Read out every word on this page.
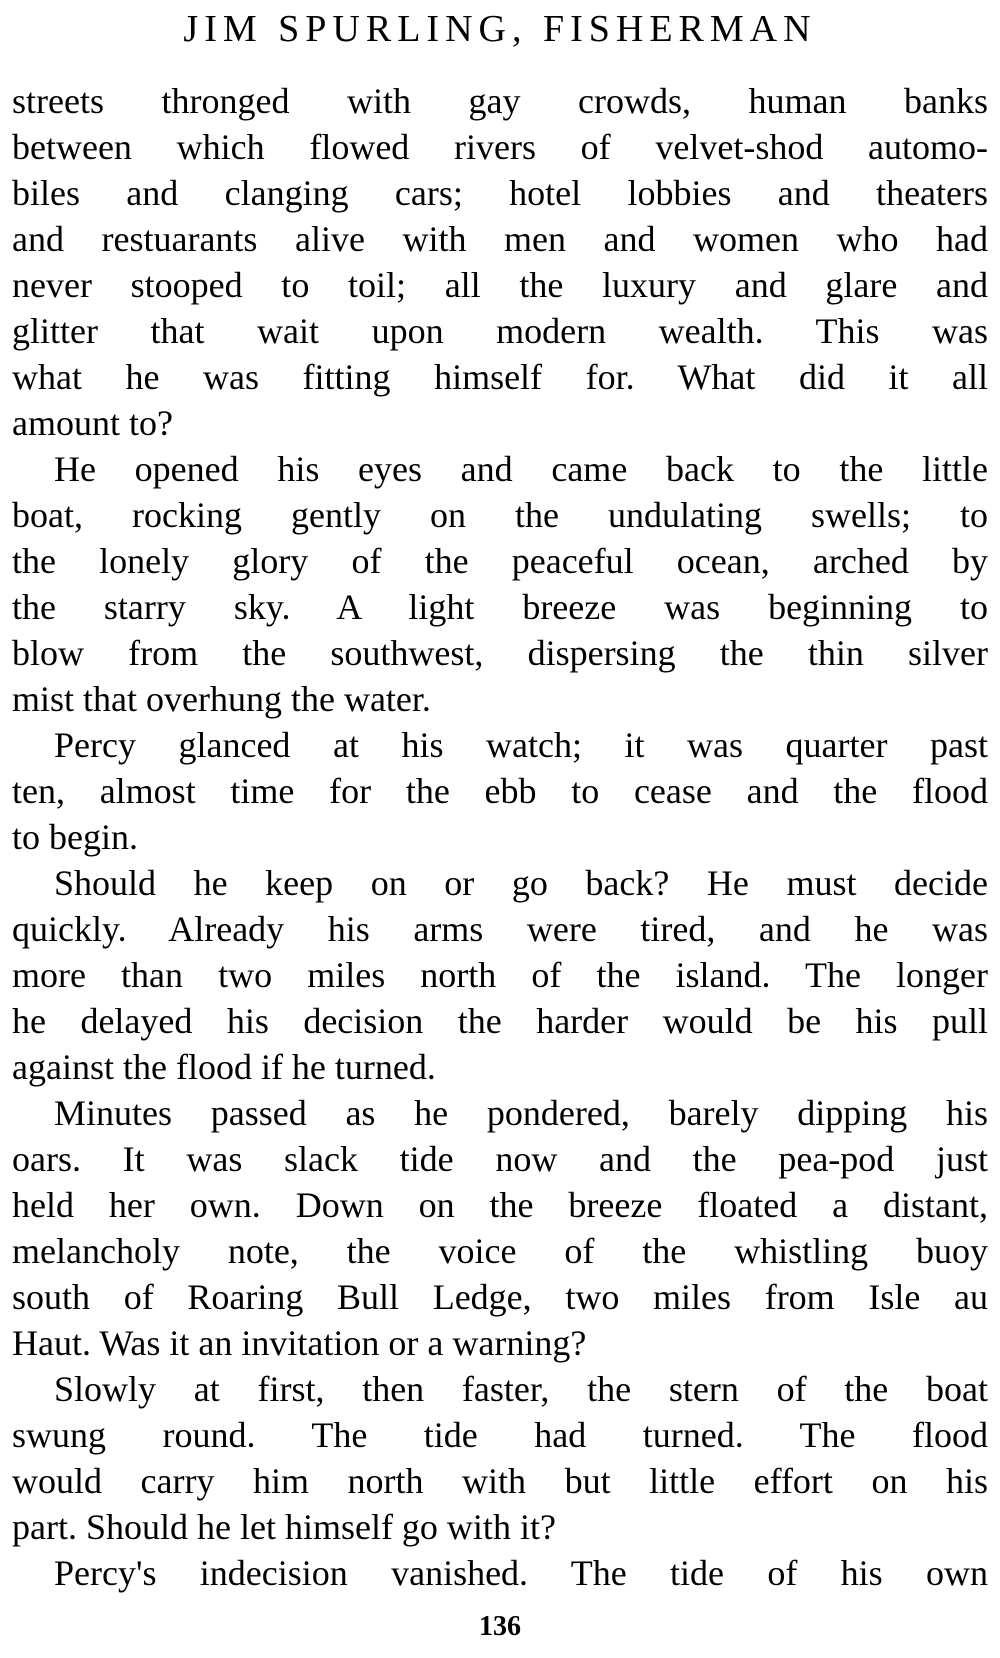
JIM SPURLING, FISHERMAN
streets thronged with gay crowds, human banks
between which flowed rivers of velvet-shod automo-
biles and clanging cars; hotel lobbies and theaters
and restuarants alive with men and women who had
never stooped to toil; all the luxury and glare and
glitter that wait upon modern wealth. This was
what he was fitting himself for. What did it all
amount to?
He opened his eyes and came back to the little
boat, rocking gently on the undulating swells; to
the lonely glory of the peaceful ocean, arched by
the starry sky. A light breeze was beginning to
blow from the southwest, dispersing the thin silver
mist that overhung the water.
Percy glanced at his watch; it was quarter past
ten, almost time for the ebb to cease and the flood
to begin.
Should he keep on or go back? He must decide
quickly. Already his arms were tired, and he was
more than two miles north of the island. The longer
he delayed his decision the harder would be his pull
against the flood if he turned.
Minutes passed as he pondered, barely dipping his
oars. It was slack tide now and the pea-pod just
held her own. Down on the breeze floated a distant,
melancholy note, the voice of the whistling buoy
south of Roaring Bull Ledge, two miles from Isle au
Haut. Was it an invitation or a warning?
Slowly at first, then faster, the stern of the boat
swung round. The tide had turned. The flood
would carry him north with but little effort on his
part. Should he let himself go with it?
Percy's indecision vanished. The tide of his own
136
